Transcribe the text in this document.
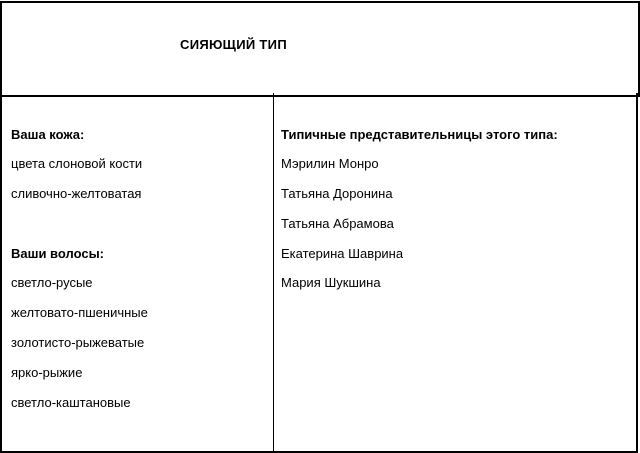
СИЯЮЩИЙ ТИП
Ваша кожа:
цвета слоновой кости
сливочно-желтоватая
Ваши волосы:
светло-русые
желтовато-пшеничные
золотисто-рыжеватые
ярко-рыжие
светло-каштановые
Типичные представительницы этого типа:
Мэрилин Монро
Татьяна Доронина
Татьяна Абрамова
Екатерина Шаврина
Мария Шукшина
